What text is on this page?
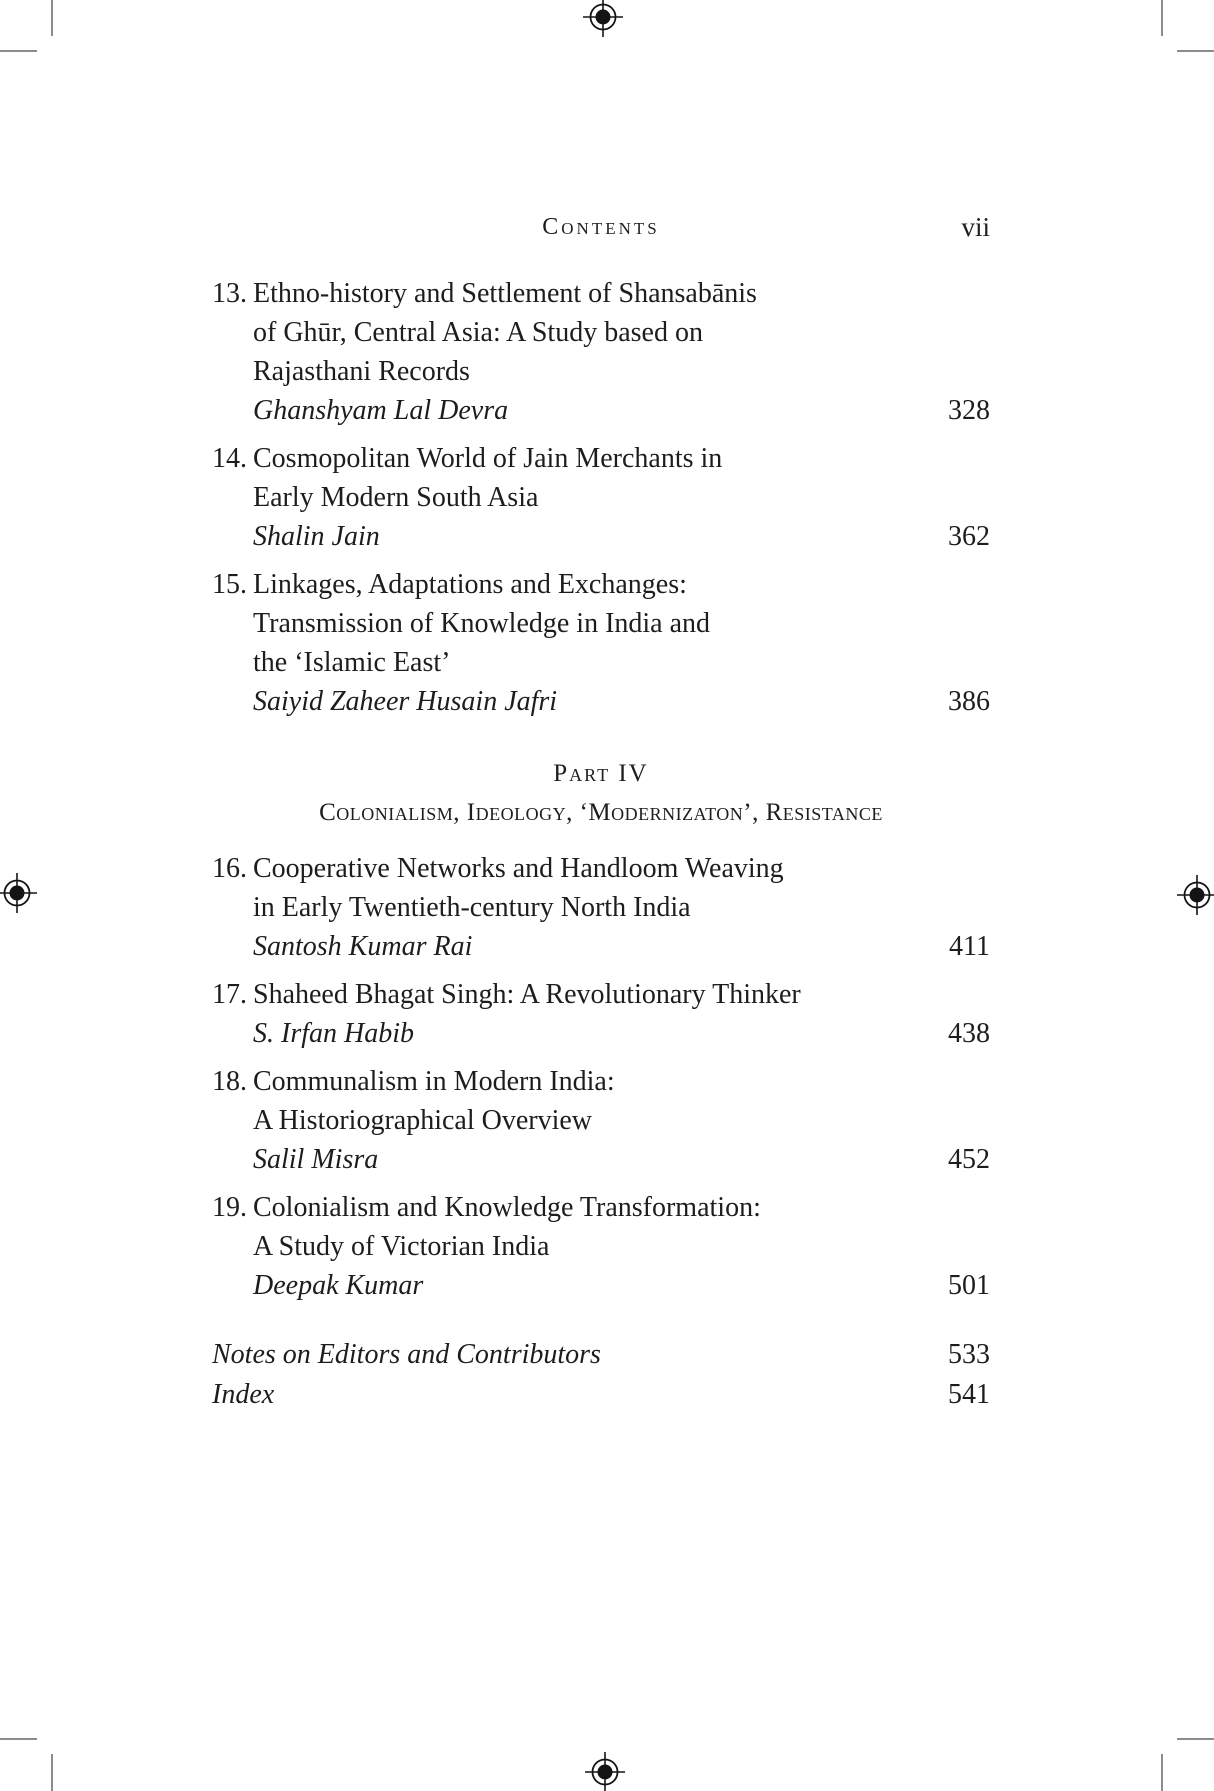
Contents	vii
13. Ethno-history and Settlement of Shansabānis
of Ghūr, Central Asia: A Study based on
Rajasthani Records
Ghanshyam Lal Devra	328
14. Cosmopolitan World of Jain Merchants in
Early Modern South Asia
Shalin Jain	362
15. Linkages, Adaptations and Exchanges:
Transmission of Knowledge in India and
the ‘Islamic East’
Saiyid Zaheer Husain Jafri	386
Part IV
Colonialism, Ideology, ‘Modernizaton’, Resistance
16. Cooperative Networks and Handloom Weaving
in Early Twentieth-century North India
Santosh Kumar Rai	411
17. Shaheed Bhagat Singh: A Revolutionary Thinker
S. Irfan Habib	438
18. Communalism in Modern India:
A Historiographical Overview
Salil Misra	452
19. Colonialism and Knowledge Transformation:
A Study of Victorian India
Deepak Kumar	501
Notes on Editors and Contributors	533
Index	541
